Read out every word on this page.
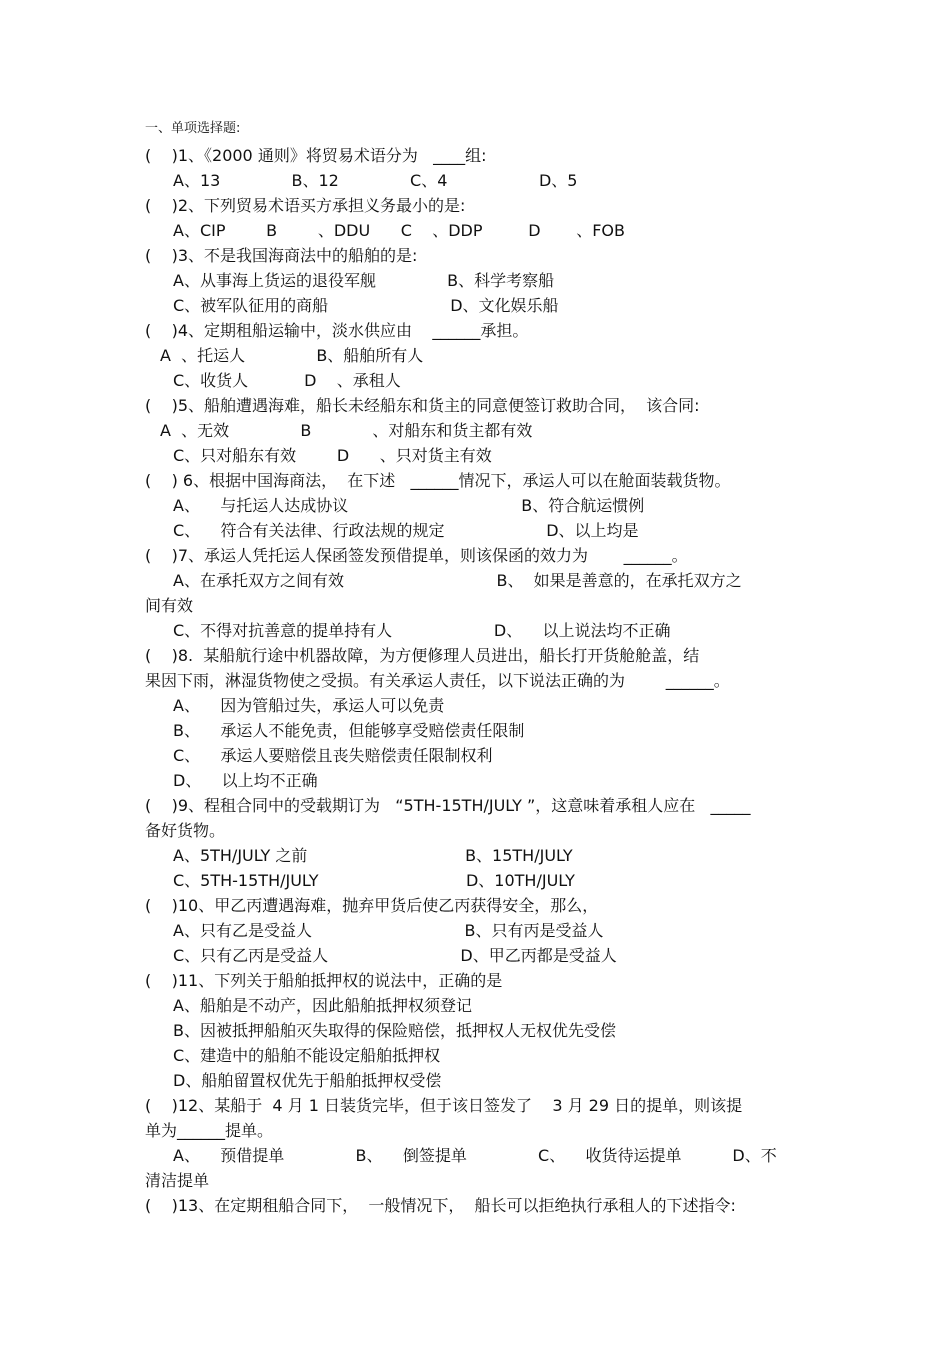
一、单项选择题:
(    )1、《2000 通则》将贸易术语分为   ____组:
A、13              B、12              C、4                  D、5
(    )2、下列贸易术语买方承担义务最小的是:
A、CIP        B        、DDU      C    、DDP         D       、FOB
(    )3、不是我国海商法中的船舶的是:
A、从事海上货运的退役军舰              B、科学考察船
C、被军队征用的商船                        D、文化娱乐船
(    )4、定期租船运输中，淡水供应由    ______承担。
A  、托运人              B、船舶所有人
C、收货人           D    、承租人
(    )5、船舶遭遇海难，船长未经船东和货主的同意便签订救助合同，  该合同:
A  、无效              B            、对船东和货主都有效
C、只对船东有效        D      、只对货主有效
(    ) 6、根据中国海商法，  在下述   ______情况下，承运人可以在舱面装载货物。
A、    与托运人达成协议                                  B、符合航运惯例
C、    符合有关法律、行政法规的规定                    D、以上均是
(    )7、承运人凭托运人保函签发预借提单，则该保函的效力为       ______。
A、在承托双方之间有效                              B、  如果是善意的，在承托双方之
间有效
C、不得对抗善意的提单持有人                    D、    以上说法均不正确
(    )8.  某船航行途中机器故障，为方便修理人员进出，船长打开货舱舱盖，结
果因下雨，淋湿货物使之受损。有关承运人责任，以下说法正确的为        ______。
A、    因为管船过失，承运人可以免责
B、    承运人不能免责，但能够享受赔偿责任限制
C、    承运人要赔偿且丧失赔偿责任限制权利
D、    以上均不正确
(    )9、程租合同中的受载期订为   “5TH-15TH/JULY ”，这意味着承租人应在   _____
备好货物。
A、5TH/JULY 之前                               B、15TH/JULY
C、5TH-15TH/JULY                             D、10TH/JULY
(    )10、甲乙丙遭遇海难，抛弃甲货后使乙丙获得安全，那么，
A、只有乙是受益人                              B、只有丙是受益人
C、只有乙丙是受益人                          D、甲乙丙都是受益人
(    )11、下列关于船舶抵押权的说法中，正确的是
A、船舶是不动产，因此船舶抵押权须登记
B、因被抵押船舶灭失取得的保险赔偿，抵押权人无权优先受偿
C、建造中的船舶不能设定船舶抵押权
D、船舶留置权优先于船舶抵押权受偿
(    )12、某船于  4 月 1 日装货完毕，但于该日签发了    3 月 29 日的提单，则该提
单为______提单。
A、    预借提单              B、    倒签提单              C、    收货待运提单          D、不
清洁提单
(    )13、在定期租船合同下，  一般情况下，  船长可以拒绝执行承租人的下述指令:
